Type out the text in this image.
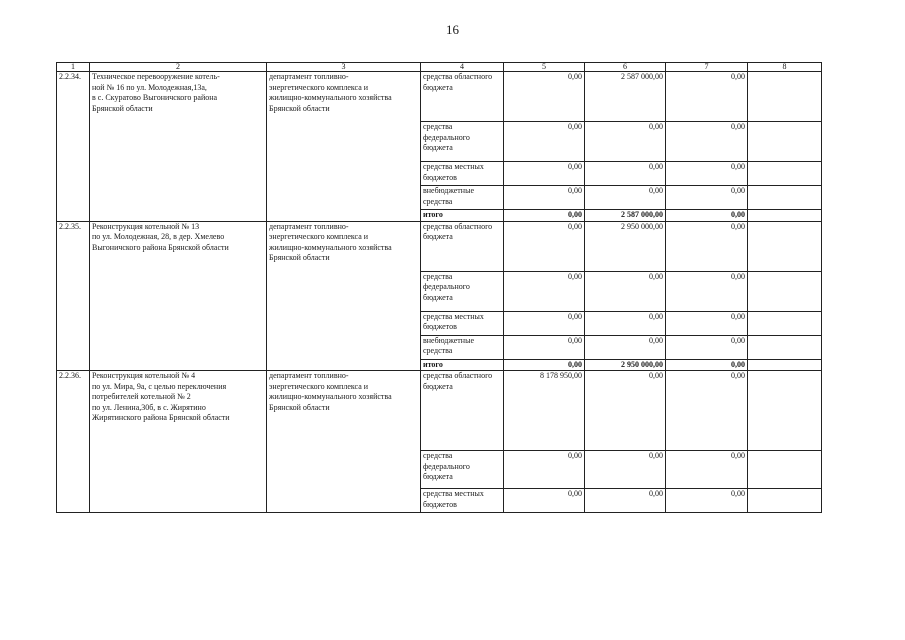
16
1	2	3	4	5	6	7	8
2.2.34.	Техническое перевооружение котель-
ной № 16 по ул. Молодежная,13а,
в с. Скуратово Выгоничского района
Брянской области	департамент топливно-
энергетического комплекса и
жилищно-коммунального хозяйства
Брянской области	средства областного
бюджета	0,00	2 587 000,00	0,00	
			средства
федерального
бюджета	0,00	0,00	0,00	
			средства местных
бюджетов	0,00	0,00	0,00	
			внебюджетные
средства	0,00	0,00	0,00	
			итого	0,00	2 587 000,00	0,00	
2.2.35.	Реконструкция котельной № 13
по ул. Молодежная, 28, в дер. Хмелево
Выгоничского района Брянской области	департамент топливно-
энергетического комплекса и
жилищно-коммунального хозяйства
Брянской области	средства областного
бюджета	0,00	2 950 000,00	0,00	
			средства
федерального
бюджета	0,00	0,00	0,00	
			средства местных
бюджетов	0,00	0,00	0,00	
			внебюджетные
средства	0,00	0,00	0,00	
			итого	0,00	2 950 000,00	0,00	
2.2.36.	Реконструкция котельной № 4
по ул. Мира, 9а, с целью переключения
потребителей котельной № 2
по ул. Ленина,30б, в с. Жирятино
Жирятинского района Брянской области	департамент топливно-
энергетического комплекса и
жилищно-коммунального хозяйства
Брянской области	средства областного
бюджета	8 178 950,00	0,00	0,00	
			средства
федерального
бюджета	0,00	0,00	0,00	
			средства местных
бюджетов	0,00	0,00	0,00	
